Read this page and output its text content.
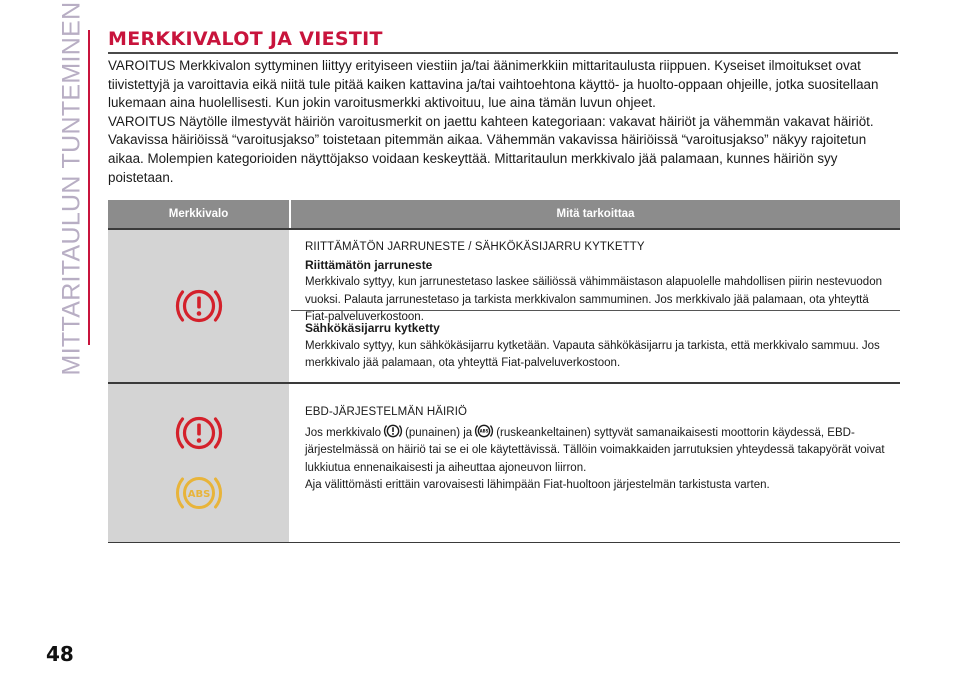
MITTARITAULUN TUNTEMINEN MERKKIVALOT JA VIESTIT

VAROITUS Merkkivalon syttyminen liittyy erityiseen viestiin ja/tai äänimerkkiin mittaritaulusta riippuen. Kyseiset ilmoitukset ovat tiivistettyjä ja varoittavia eikä niitä tule pitää kaiken kattavina ja/tai vaihtoehtona käyttö- ja huolto-oppaan ohjeille, jotka suositellaan lukemaan aina huolellisesti. Kun jokin varoitusmerkki aktivoituu, lue aina tämän luvun ohjeet.

VAROITUS Näytölle ilmestyvät häiriön varoitusmerkit on jaettu kahteen kategoriaan: vakavat häiriöt ja vähemmän vakavat häiriöt. Vakavissa häiriöissä “varoitusjakso” toistetaan pitemmän aikaa. Vähemmän vakavissa häiriöissä “varoitusjakso” näkyy rajoitetun aikaa. Molempien kategorioiden näyttöjakso voidaan keskeyttää. Mittaritaulun merkkivalo jää palamaan, kunnes häiriön syy poistetaan.

Merkkivalo	Mitä tarkoittaa
RIITTÄMÄTÖN JARRUNESTE / SÄHKÖKÄSIJARRU KYTKETTY
Riittämätön jarruneste
Merkkivalo syttyy, kun jarrunestetaso laskee säiliössä vähimmäistason alapuolelle mahdollisen piirin nestevuodon vuoksi. Palauta jarrunestetaso ja tarkista merkkivalon sammuminen. Jos merkkivalo jää palamaan, ota yhteyttä Fiat-palveluverkostoon.
Sähkökäsijarru kytketty
Merkkivalo syttyy, kun sähkökäsijarru kytketään. Vapauta sähkökäsijarru ja tarkista, että merkkivalo sammuu. Jos merkkivalo jää palamaan, ota yhteyttä Fiat-palveluverkostoon.
ABS
EBD-JÄRJESTELMÄN HÄIRIÖ
Jos merkkivalo (punainen) ja ABS (ruskeankeltainen) syttyvät samanaikaisesti moottorin käydessä, EBD-järjestelmässä on häiriö tai se ei ole käytettävissä. Tällöin voimakkaiden jarrutuksien yhteydessä takapyörät voivat lukkiutua ennenaikaisesti ja aiheuttaa ajoneuvon liirron.
Aja välittömästi erittäin varovaisesti lähimpään Fiat-huoltoon järjestelmän tarkistusta varten.
48
